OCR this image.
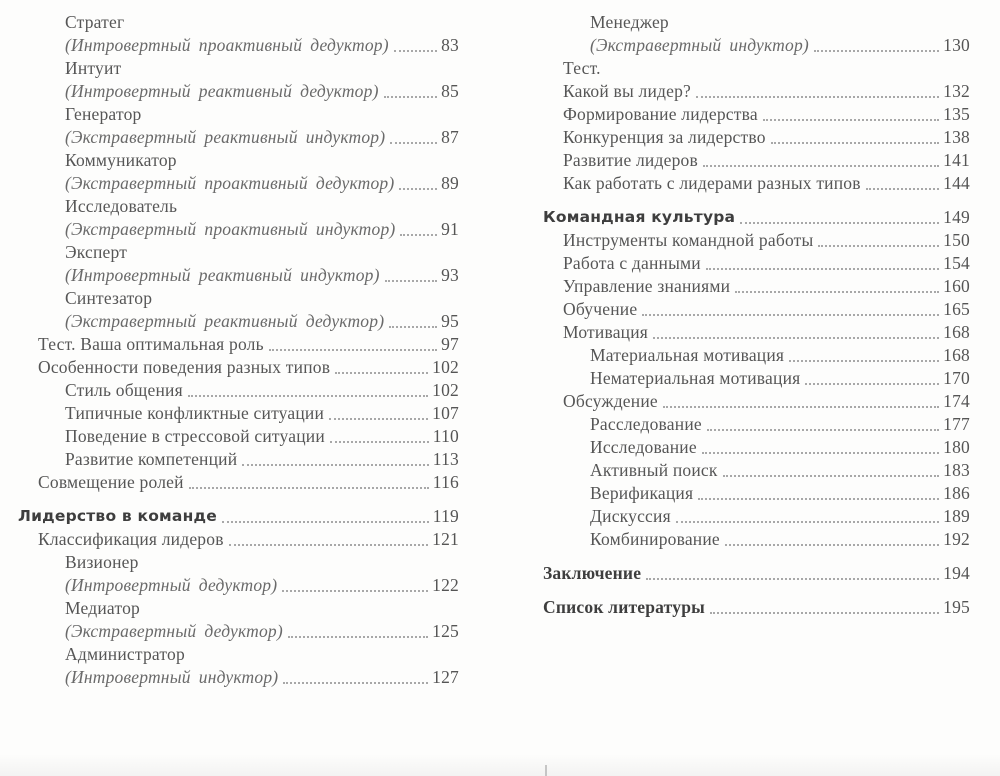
Стратег
(Интровертный проактивный дедуктор)	83
Интуит
(Интровертный реактивный дедуктор)	85
Генератор
(Экстравертный реактивный индуктор)	87
Коммуникатор
(Экстравертный проактивный дедуктор)	89
Исследователь
(Экстравертный проактивный индуктор)	91
Эксперт
(Интровертный реактивный индуктор)	93
Синтезатор
(Экстравертный реактивный дедуктор)	95
Тест. Ваша оптимальная роль	97
Особенности поведения разных типов	102
Стиль общения	102
Типичные конфликтные ситуации	107
Поведение в стрессовой ситуации	110
Развитие компетенций	113
Совмещение ролей	116
Лидерство в команде	119
Классификация лидеров	121
Визионер
(Интровертный дедуктор)	122
Медиатор
(Экстравертный дедуктор)	125
Администратор
(Интровертный индуктор)	127
Менеджер
(Экстравертный индуктор)	130
Тест.
Какой вы лидер?	132
Формирование лидерства	135
Конкуренция за лидерство	138
Развитие лидеров	141
Как работать с лидерами разных типов	144
Командная культура	149
Инструменты командной работы	150
Работа с данными	154
Управление знаниями	160
Обучение	165
Мотивация	168
Материальная мотивация	168
Нематериальная мотивация	170
Обсуждение	174
Расследование	177
Исследование	180
Активный поиск	183
Верификация	186
Дискуссия	189
Комбинирование	192
Заключение	194
Список литературы	195
